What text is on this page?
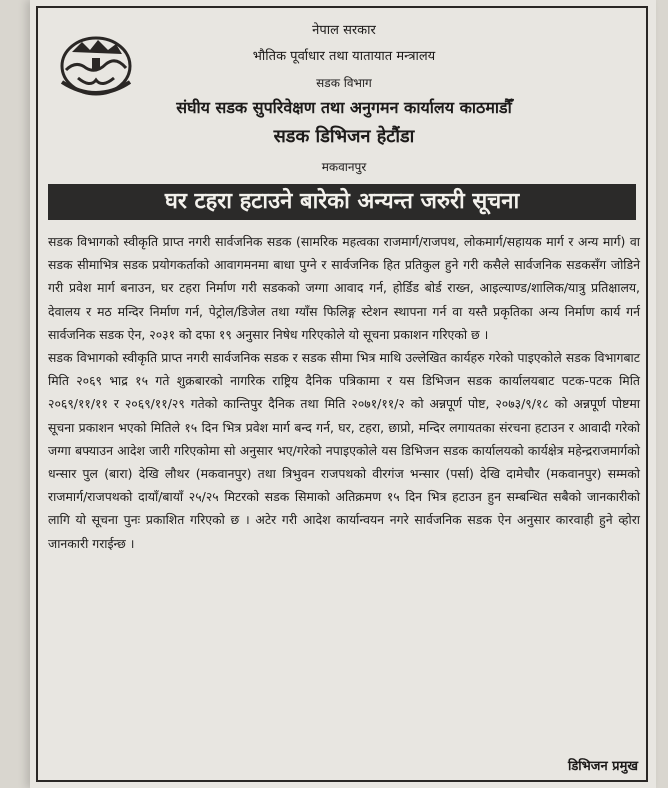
नेपाल सरकार
भौतिक पूर्वाधार तथा यातायात मन्त्रालय
सडक विभाग
संघीय सडक सुपरिवेक्षण तथा अनुगमन कार्यालय काठमाडौँ
सडक डिभिजन हेटौंडा
मकवानपुर
घर टहरा हटाउने बारेको अन्यन्त जरुरी सूचना

सडक विभागको स्वीकृति प्राप्त नगरी सार्वजनिक सडक (सामरिक महत्वका राजमार्ग/राजपथ, लोकमार्ग/सहायक मार्ग र अन्य मार्ग) वा सडक सीमाभित्र सडक प्रयोगकर्ताको आवागमनमा बाधा पुग्ने र सार्वजनिक हित प्रतिकुल हुने गरी कसैले सार्वजनिक सडकसँग जोडिने गरी प्रवेश मार्ग बनाउन, घर टहरा निर्माण गरी सडकको जग्गा आवाद गर्न, होर्डिड बोर्ड राख्न, आइल्याण्ड/शालिक/यात्रु प्रतिक्षालय, देवालय र मठ मन्दिर निर्माण गर्न, पेट्रोल/डिजेल तथा ग्याँस फिलिङ्ग स्टेशन स्थापना गर्न वा यस्तै प्रकृतिका अन्य निर्माण कार्य गर्न सार्वजनिक सडक ऐन, २०३१ को दफा १९ अनुसार निषेध गरिएकोले यो सूचना प्रकाशन गरिएको छ ।

सडक विभागको स्वीकृति प्राप्त नगरी सार्वजनिक सडक र सडक सीमा भित्र माथि उल्लेखित कार्यहरु गरेको पाइएकोले सडक विभागबाट मिति २०६९ भाद्र १५ गते शुक्रबारको नागरिक राष्ट्रिय दैनिक पत्रिकामा र यस डिभिजन सडक कार्यालयबाट पटक-पटक मिति २०६९/११/११ र २०६९/११/२९ गतेको कान्तिपुर दैनिक तथा मिति २०७१/११/२ को अन्नपूर्ण पोष्ट, २०७३/९/१८ को अन्नपूर्ण पोष्टमा सूचना प्रकाशन भएको मितिले १५ दिन भित्र प्रवेश मार्ग बन्द गर्न, घर, टहरा, छाप्रो, मन्दिर लगायतका संरचना हटाउन र आवादी गरेको जग्गा बफ्याउन आदेश जारी गरिएकोमा सो अनुसार भए/गरेको नपाइएकोले यस डिभिजन सडक कार्यालयको कार्यक्षेत्र महेन्द्रराजमार्गको धन्सार पुल (बारा) देखि लौथर (मकवानपुर) तथा त्रिभुवन राजपथको वीरगंज भन्सार (पर्सा) देखि दामेचौर (मकवानपुर) सम्मको राजमार्ग/राजपथको दायाँ/बायाँ २५/२५ मिटरको सडक सिमाको अतिक्रमण १५ दिन भित्र हटाउन हुन सम्बन्धित सबैको जानकारीको लागि यो सूचना पुनः प्रकाशित गरिएको छ । अटेर गरी आदेश कार्यान्वयन नगरे सार्वजनिक सडक ऐन अनुसार कारवाही हुने व्होरा जानकारी गराईन्छ ।

डिभिजन प्रमुख
